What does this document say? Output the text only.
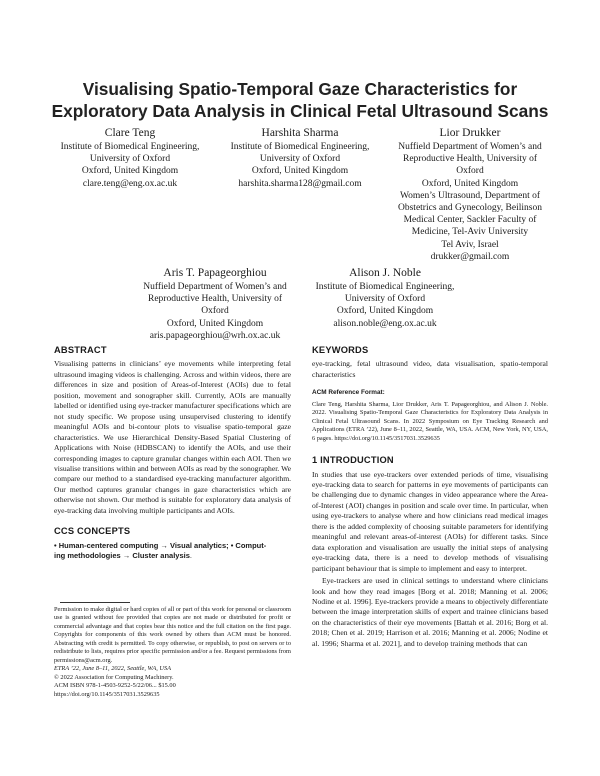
Visualising Spatio-Temporal Gaze Characteristics for
Exploratory Data Analysis in Clinical Fetal Ultrasound Scans
Clare Teng
Institute of Biomedical Engineering,
University of Oxford
Oxford, United Kingdom
clare.teng@eng.ox.ac.uk
Harshita Sharma
Institute of Biomedical Engineering,
University of Oxford
Oxford, United Kingdom
harshita.sharma128@gmail.com
Lior Drukker
Nuffield Department of Women’s and
Reproductive Health, University of
Oxford
Oxford, United Kingdom
Women’s Ultrasound, Department of
Obstetrics and Gynecology, Beilinson
Medical Center, Sackler Faculty of
Medicine, Tel-Aviv University
Tel Aviv, Israel
drukker@gmail.com
Aris T. Papageorghiou
Nuffield Department of Women’s and
Reproductive Health, University of
Oxford
Oxford, United Kingdom
aris.papageorghiou@wrh.ox.ac.uk
Alison J. Noble
Institute of Biomedical Engineering,
University of Oxford
Oxford, United Kingdom
alison.noble@eng.ox.ac.uk
ABSTRACT

Visualising patterns in clinicians’ eye movements while interpreting fetal ultrasound imaging videos is challenging. Across and within videos, there are differences in size and position of Areas-of-Interest (AOIs) due to fetal position, movement and sonographer skill. Currently, AOIs are manually labelled or identified using eye-tracker manufacturer specifications which are not study specific. We propose using unsupervised clustering to identify meaningful AOIs and bi-contour plots to visualise spatio-temporal gaze characteristics. We use Hierarchical Density-Based Spatial Clustering of Applications with Noise (HDBSCAN) to identify the AOIs, and use their corresponding images to capture granular changes within each AOI. Then we visualise transitions within and between AOIs as read by the sonographer. We compare our method to a standardised eye-tracking manufacturer algorithm. Our method captures granular changes in gaze characteristics which are otherwise not shown. Our method is suitable for exploratory data analysis of eye-tracking data involving multiple participants and AOIs.

CCS CONCEPTS
• Human-centered computing → Visual analytics; • Comput-
ing methodologies → Cluster analysis.

Permission to make digital or hard copies of all or part of this work for personal or classroom use is granted without fee provided that copies are not made or distributed for profit or commercial advantage and that copies bear this notice and the full citation on the first page. Copyrights for components of this work owned by others than ACM must be honored. Abstracting with credit is permitted. To copy otherwise, or republish, to post on servers or to redistribute to lists, requires prior specific permission and/or a fee. Request permissions from permissions@acm.org.

ETRA ’22, June 8–11, 2022, Seattle, WA, USA

© 2022 Association for Computing Machinery.

ACM ISBN 978-1-4503-9252-5/22/06... $15.00

https://doi.org/10.1145/3517031.3529635

KEYWORDS

eye-tracking, fetal ultrasound video, data visualisation, spatio-temporal characteristics

ACM Reference Format:

Clare Teng, Harshita Sharma, Lior Drukker, Aris T. Papageorghiou, and Alison J. Noble. 2022. Visualising Spatio-Temporal Gaze Characteristics for Exploratory Data Analysis in Clinical Fetal Ultrasound Scans. In 2022 Symposium on Eye Tracking Research and Applications (ETRA ’22), June 8–11, 2022, Seattle, WA, USA. ACM, New York, NY, USA, 6 pages. https://doi.org/10.1145/3517031.3529635

1 INTRODUCTION

In studies that use eye-trackers over extended periods of time, visualising eye-tracking data to search for patterns in eye movements of participants can be challenging due to dynamic changes in video appearance where the Area-of-Interest (AOI) changes in position and scale over time. In particular, when using eye-trackers to analyse where and how clinicians read medical images there is the added complexity of choosing suitable parameters for identifying meaningful and relevant areas-of-interest (AOIs) for different tasks. Since data exploration and visualisation are usually the initial steps of analysing eye-tracking data, there is a need to develop methods of visualising participant behaviour that is simple to implement and easy to interpret.

Eye-trackers are used in clinical settings to understand where clinicians look and how they read images [Borg et al. 2018; Manning et al. 2006; Nodine et al. 1996]. Eye-trackers provide a means to objectively differentiate between the image interpretation skills of expert and trainee clinicians based on the characteristics of their eye movements [Battah et al. 2016; Borg et al. 2018; Chen et al. 2019; Harrison et al. 2016; Manning et al. 2006; Nodine et al. 1996; Sharma et al. 2021], and to develop training methods that can
